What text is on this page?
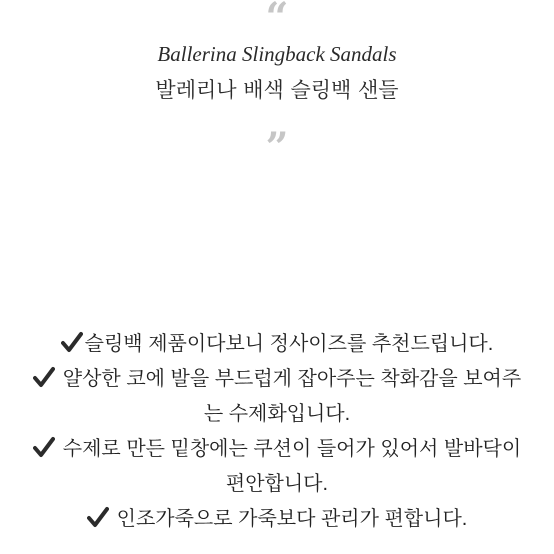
“
Ballerina Slingback Sandals
발레리나 배색 슬링백 샌들
”
슬링백 제품이다보니 정사이즈를 추천드립니다.
얄상한 코에 발을 부드럽게 잡아주는 착화감을 보여주
는 수제화입니다.
수제로 만든 밑창에는 쿠션이 들어가 있어서 발바닥이
편안합니다.
인조가죽으로 가죽보다 관리가 편합니다.
